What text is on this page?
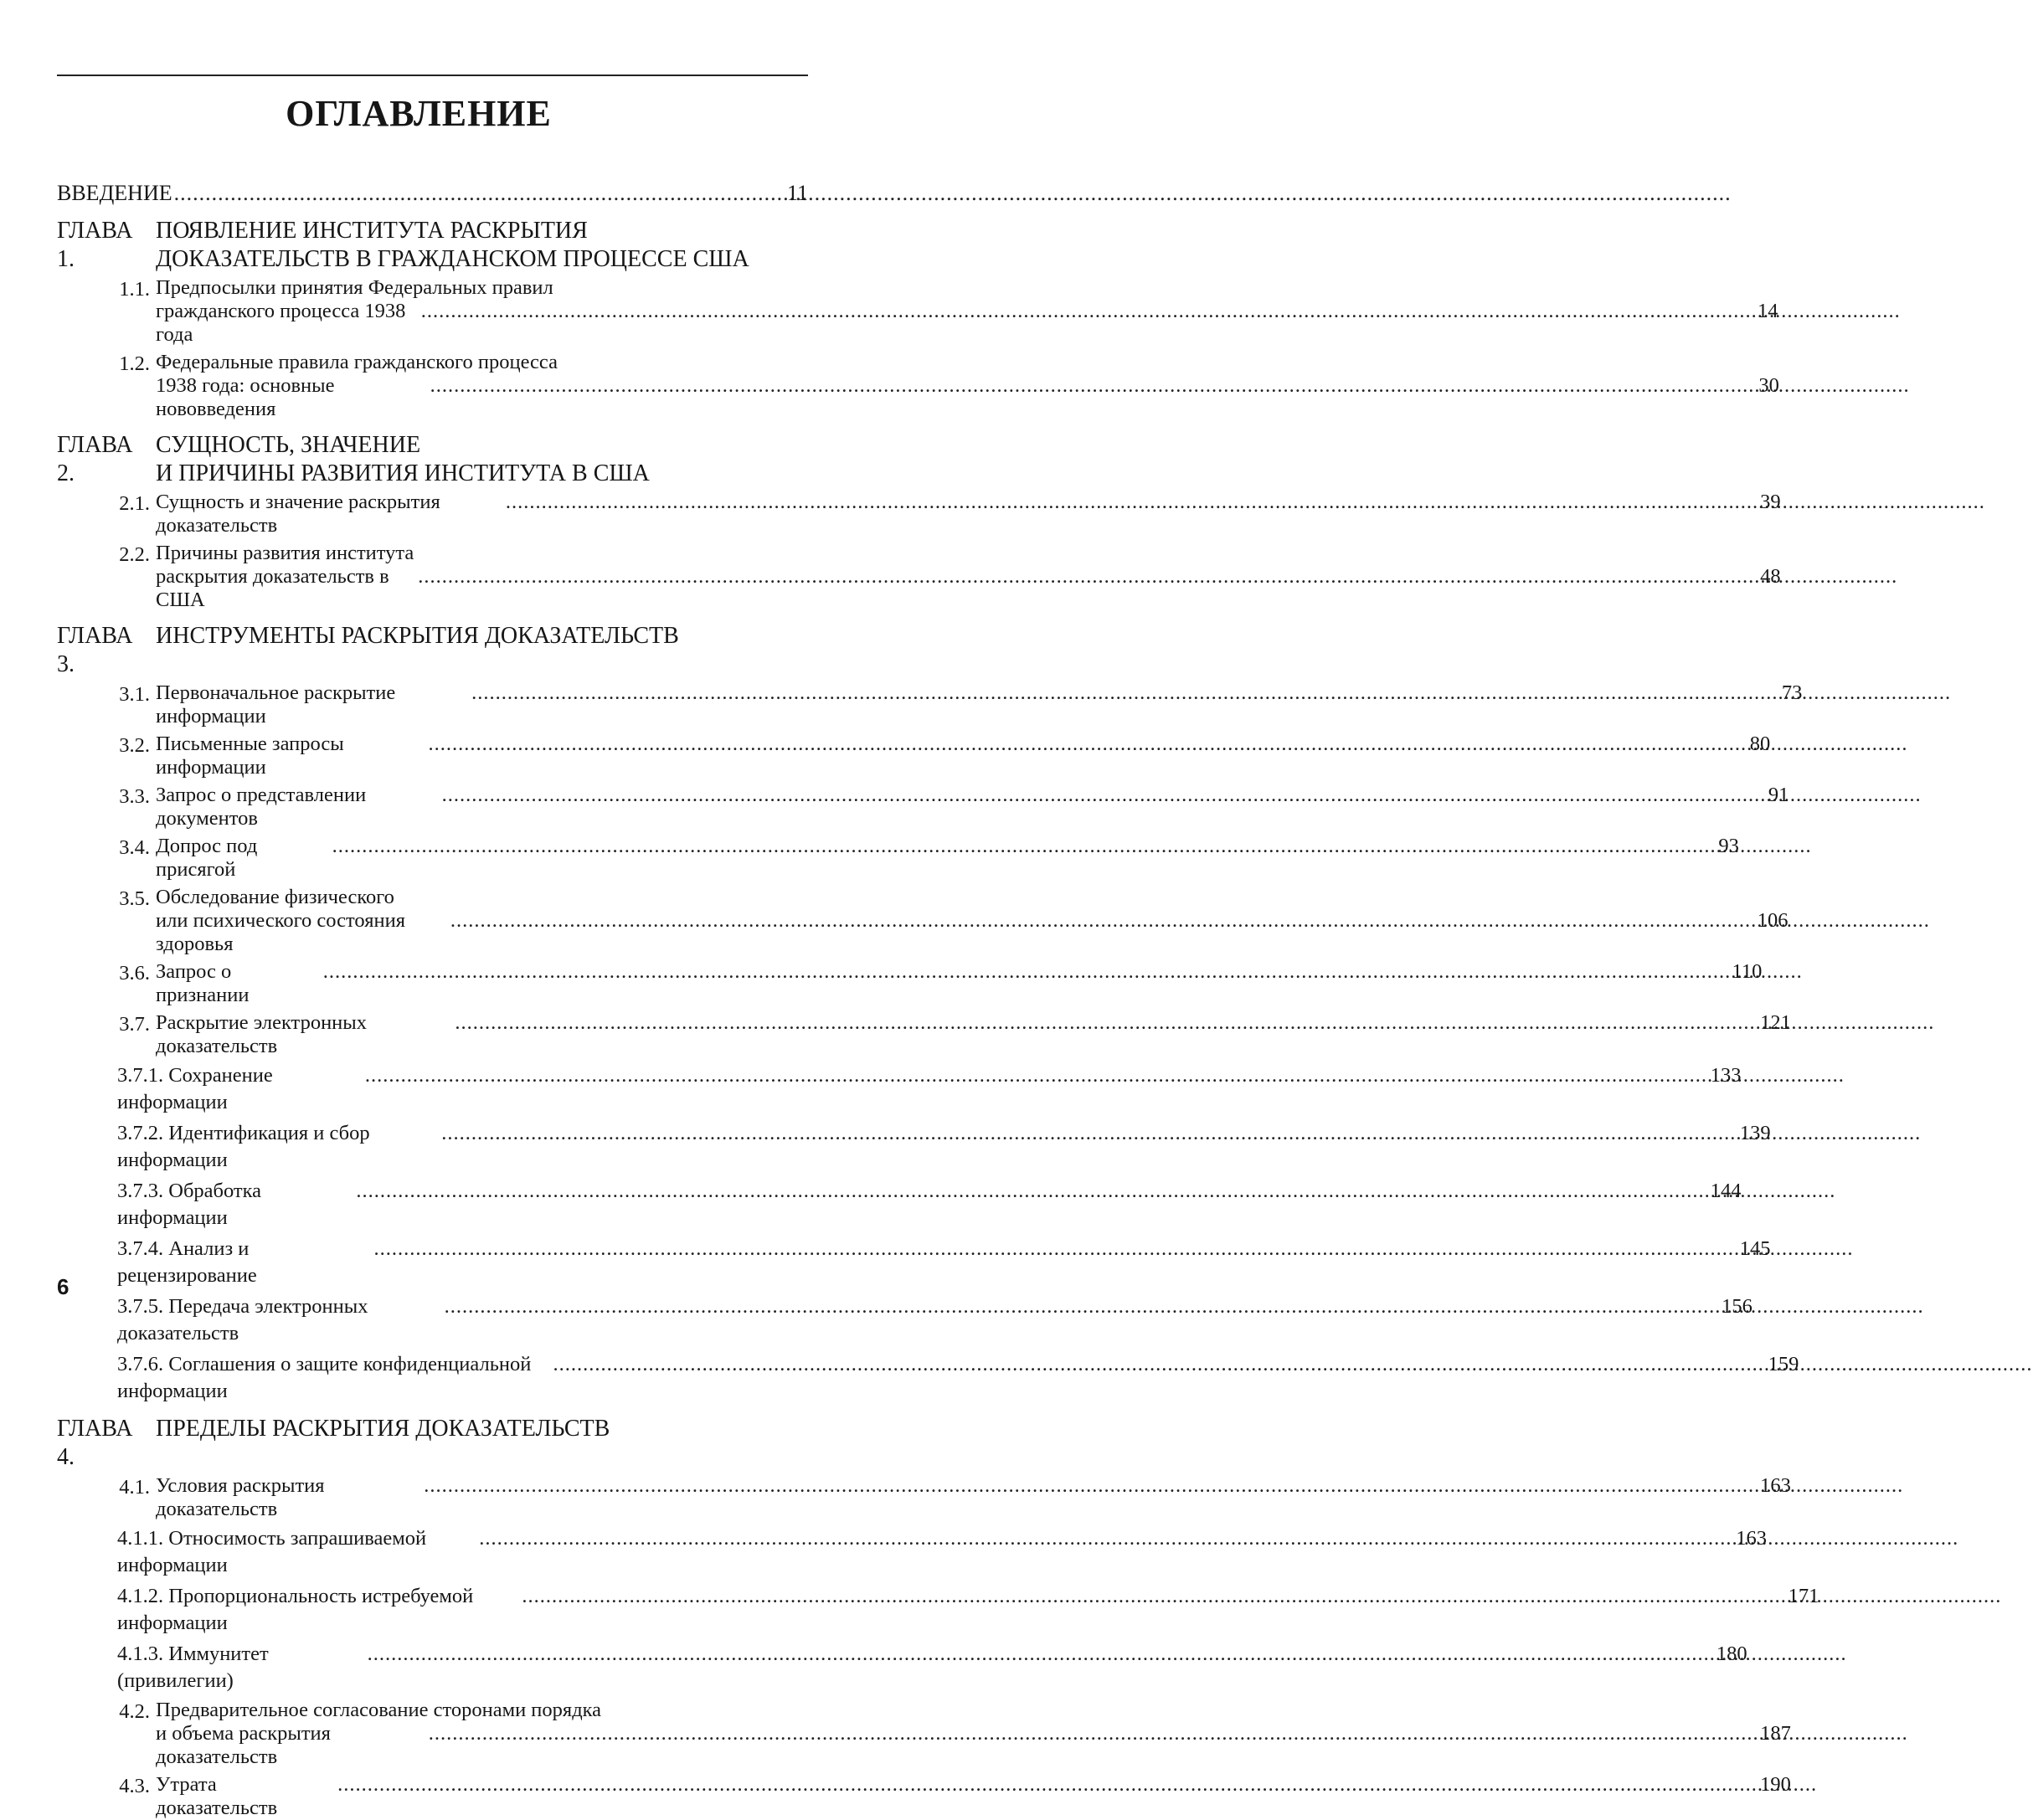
ОГЛАВЛЕНИЕ
ВВЕДЕНИЕ
.....	11
ГЛАВА 1.
ПОЯВЛЕНИЕ ИНСТИТУТА РАСКРЫТИЯ
ДОКАЗАТЕЛЬСТВ В ГРАЖДАНСКОМ ПРОЦЕССЕ США
1.1. Предпосылки принятия Федеральных правил
гражданского процесса 1938 года
.....
14
1.2. Федеральные правила гражданского процесса
1938 года: основные нововведения
.....
30
ГЛАВА 2.
СУЩНОСТЬ, ЗНАЧЕНИЕ
И ПРИЧИНЫ РАЗВИТИЯ ИНСТИТУТА В США
2.1. Сущность и значение раскрытия доказательств
.....
39
2.2. Причины развития института
раскрытия доказательств в США
.....
48
ГЛАВА 3.
ИНСТРУМЕНТЫ РАСКРЫТИЯ ДОКАЗАТЕЛЬСТВ
3.1. Первоначальное раскрытие информации
.....
73
3.2. Письменные запросы информации
.....
80
3.3. Запрос о представлении документов
.....
91
3.4. Допрос под присягой
.....
93
3.5. Обследование физического
или психического состояния здоровья
.....
106
3.6. Запрос о признании
.....
110
3.7. Раскрытие электронных доказательств
.....
121
3.7.1. Сохранение информации
.....
133
3.7.2. Идентификация и сбор информации
.....
139
3.7.3. Обработка информации
.....
144
3.7.4. Анализ и рецензирование
.....
145
3.7.5. Передача электронных доказательств
.....
156
3.7.6. Соглашения о защите конфиденциальной информации
.....
159
ГЛАВА 4.
ПРЕДЕЛЫ РАСКРЫТИЯ ДОКАЗАТЕЛЬСТВ
4.1. Условия раскрытия доказательств
.....
163
4.1.1. Относимость запрашиваемой информации
.....
163
4.1.2. Пропорциональность истребуемой информации
.....
171
4.1.3. Иммунитет (привилегии)
.....
180
4.2. Предварительное согласование сторонами порядка
и объема раскрытия доказательств
.....
187
4.3. Утрата доказательств
.....
190
6
